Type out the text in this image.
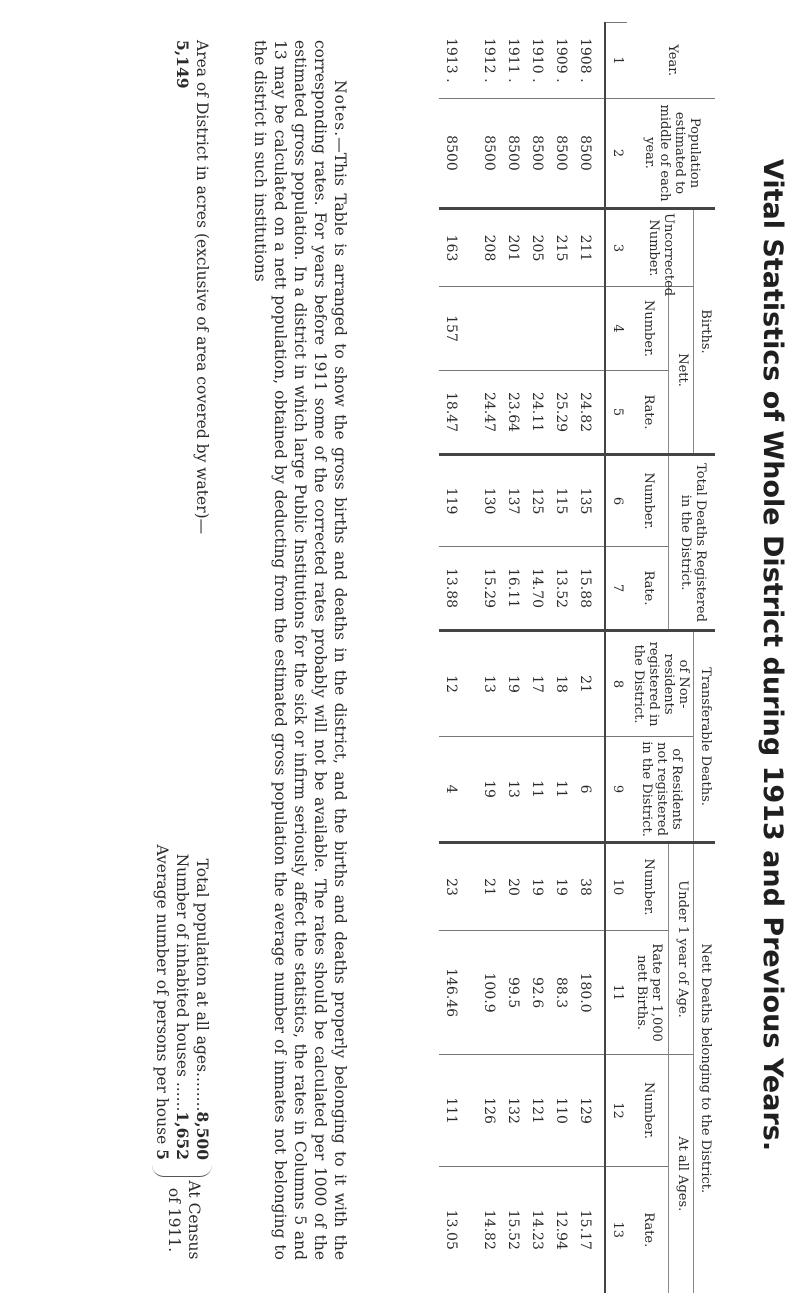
Vital Statistics of Whole District during 1913 and Previous Years.
Year.	Population estimated to middle of each year.	Births.			Total Deaths Registered in the District.		Transferable Deaths.		Nett Deaths belonging to the District.			
		Uncorrected Number.	Nett.				of Non-residents registered in the District.	of Residents not registered in the District.	Under 1 year of Age.		At all Ages.	
			Number.	Rate.	Number.	Rate.			Number.	Rate per 1,000 nett Births.	Number.	Rate.
1	2	3	4	5	6	7	8	9	10	11	12	13
1908 .	8500	211		24.82	135	15.88	21	6	38	180.0	129	15.17
1909 .	8500	215		25.29	115	13.52	18	11	19	88.3	110	12.94
1910 .	8500	205		24.11	125	14.70	17	11	19	92.6	121	14.23
1911 .	8500	201		23.64	137	16.11	19	13	20	99.5	132	15.52
1912 .	8500	208		24.47	130	15.29	13	19	21	100.9	126	14.82
1913 .	8500	163	157	18.47	119	13.88	12	4	23	146.46	111	13.05

Notes.—This Table is arranged to show the gross births and deaths in the district, and the births and deaths properly belonging to it with the corresponding rates. For years before 1911 some of the corrected rates probably will not be available. The rates should be calculated per 1000 of the estimated gross population. In a district in which large Public Institutions for the sick or infirm seriously affect the statistics, the rates in Columns 5 and 13 may be calculated on a nett population, obtained by deducting from the estimated gross population the average number of inmates not belonging to the district in such institutions

Area of District in acres (exclusive of area covered by water)—5,149
Total population at all ages........8,500
Number of inhabited houses ......1,652
Average number of persons per house 5
At Census of 1911.
